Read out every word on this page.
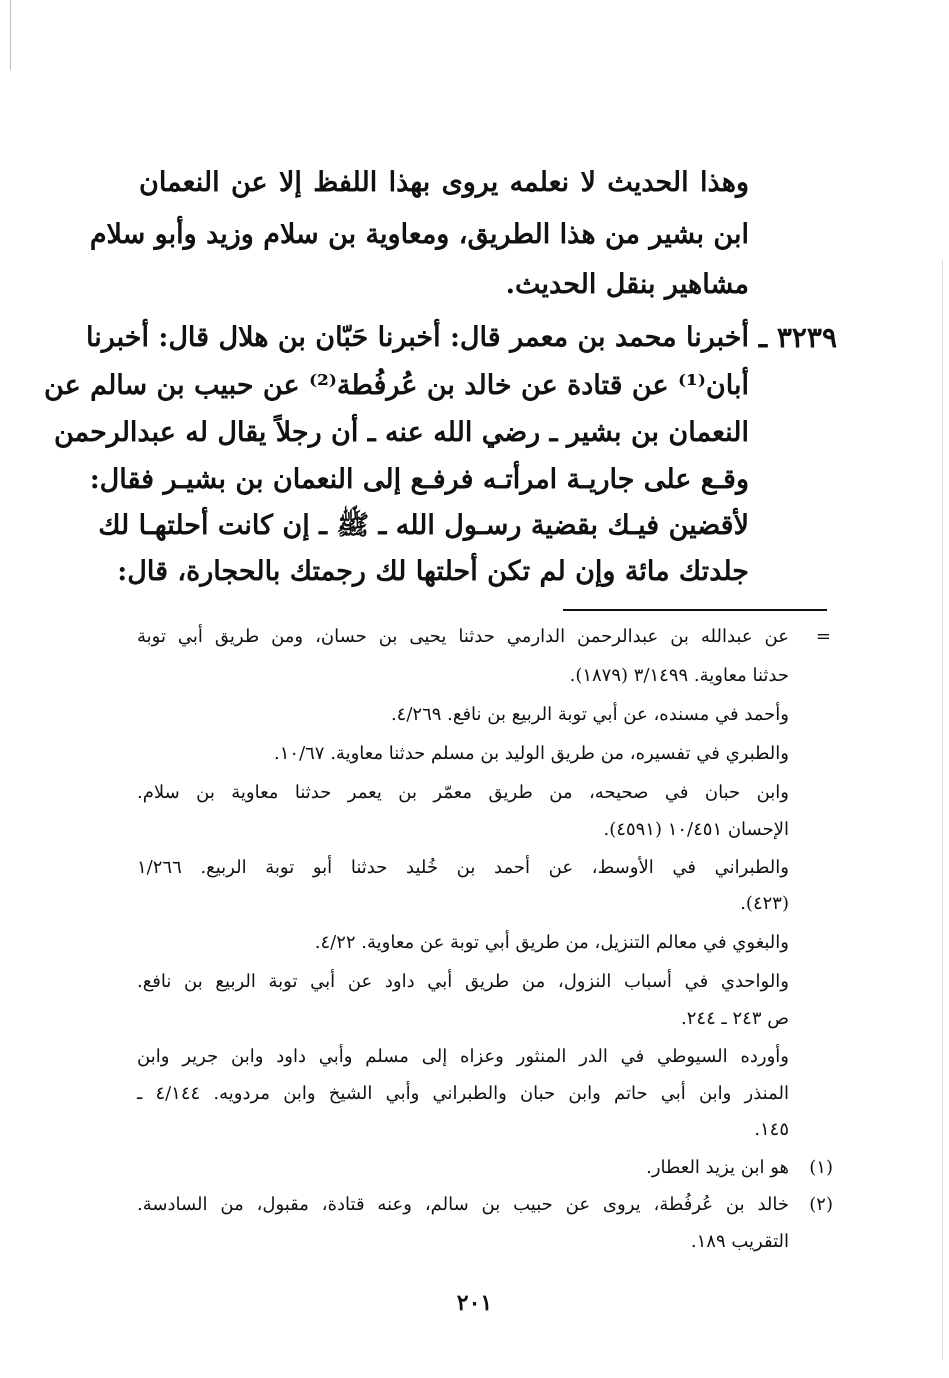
وهذا الحديث لا نعلمه يروى بهذا اللفظ إلا عن النعمان
ابن بشير من هذا الطريق، ومعاوية بن سلام وزيد وأبو سلام
مشاهير بنقل الحديث.
٣٢٣٩ ـ
أخبرنا محمد بن معمر قال: أخبرنا حَبّان بن هلال قال: أخبرنا
أبان⁽¹⁾ عن قتادة عن خالد بن عُرفُطة⁽²⁾ عن حبيب بن سالم عن
النعمان بن بشير ـ رضي الله عنه ـ أن رجلاً يقال له عبدالرحمن
وقـع على جاريـة امرأتـه فرفـع إلى النعمان بن بشيـر فقال:
لأقضين فيـك بقضية رسـول الله ـ ﷺ ـ إن كانت أحلتهـا لك
جلدتك مائة وإن لم تكن أحلتها لك رجمتك بالحجارة، قال:
=
عن عبدالله بن عبدالرحمن الدارمي حدثنا يحيى بن حسان، ومن طريق أبي توبة
حدثنا معاوية. ٣/١٤٩٩ (١٨٧٩).
وأحمد في مسنده، عن أبي توبة الربيع بن نافع. ٤/٢٦٩.
والطبري في تفسيره، من طريق الوليد بن مسلم حدثنا معاوية. ١٠/٦٧.
وابن حبان في صحيحه، من طريق معمّر بن يعمر حدثنا معاوية بن سلام.
الإحسان ١٠/٤٥١ (٤٥٩١).
والطبراني في الأوسط، عن أحمد بن خُليد حدثنا أبو توبة الربيع. ١/٢٦٦
(٤٢٣).
والبغوي في معالم التنزيل، من طريق أبي توبة عن معاوية. ٤/٢٢.
والواحدي في أسباب النزول، من طريق أبي داود عن أبي توبة الربيع بن نافع.
ص ٢٤٣ ـ ٢٤٤.
وأورده السيوطي في الدر المنثور وعزاه إلى مسلم وأبي داود وابن جرير وابن
المنذر وابن أبي حاتم وابن حبان والطبراني وأبي الشيخ وابن مردويه. ٤/١٤٤ ـ
١٤٥.
(١)
هو ابن يزيد العطار.
(٢)
خالد بن عُرفُطة، يروى عن حبيب بن سالم، وعنه قتادة، مقبول، من السادسة.
التقريب ١٨٩.
٢٠١
